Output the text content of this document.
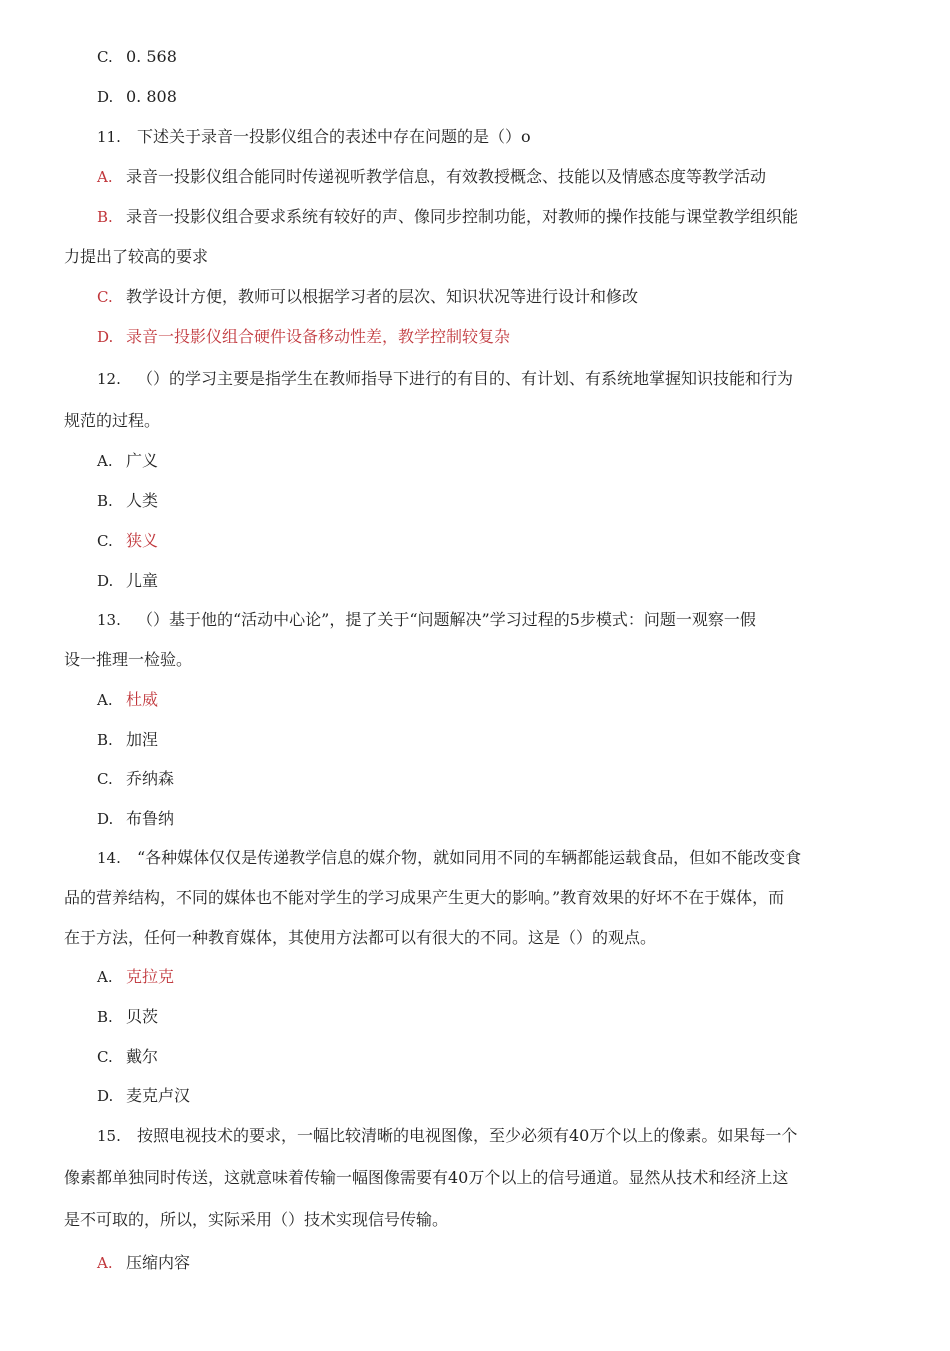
C. 0. 568
D. 0. 808
11. 下述关于录音一投影仪组合的表述中存在问题的是（）o
A. 录音一投影仪组合能同时传递视听教学信息，有效教授概念、技能以及情感态度等教学活动
B. 录音一投影仪组合要求系统有较好的声、像同步控制功能，对教师的操作技能与课堂教学组织能
力提出了较高的要求
C. 教学设计方便，教师可以根据学习者的层次、知识状况等进行设计和修改
D. 录音一投影仪组合硬件设备移动性差，教学控制较复杂
12. （）的学习主要是指学生在教师指导下进行的有目的、有计划、有系统地掌握知识技能和行为
规范的过程。
A. 广义
B. 人类
C. 狭义
D. 儿童
13. （）基于他的“活动中心论”，提了关于“问题解决”学习过程的5步模式：问题一观察一假
设一推理一检验。
A. 杜威
B. 加涅
C. 乔纳森
D. 布鲁纳
14. “各种媒体仅仅是传递教学信息的媒介物，就如同用不同的车辆都能运载食品，但如不能改变食
品的营养结构，不同的媒体也不能对学生的学习成果产生更大的影响。”教育效果的好坏不在于媒体，而
在于方法，任何一种教育媒体，其使用方法都可以有很大的不同。这是（）的观点。
A. 克拉克
B. 贝茨
C. 戴尔
D. 麦克卢汉
15. 按照电视技术的要求，一幅比较清晰的电视图像，至少必须有40万个以上的像素。如果每一个
像素都单独同时传送，这就意味着传输一幅图像需要有40万个以上的信号通道。显然从技术和经济上这
是不可取的，所以，实际采用（）技术实现信号传输。
A. 压缩内容
